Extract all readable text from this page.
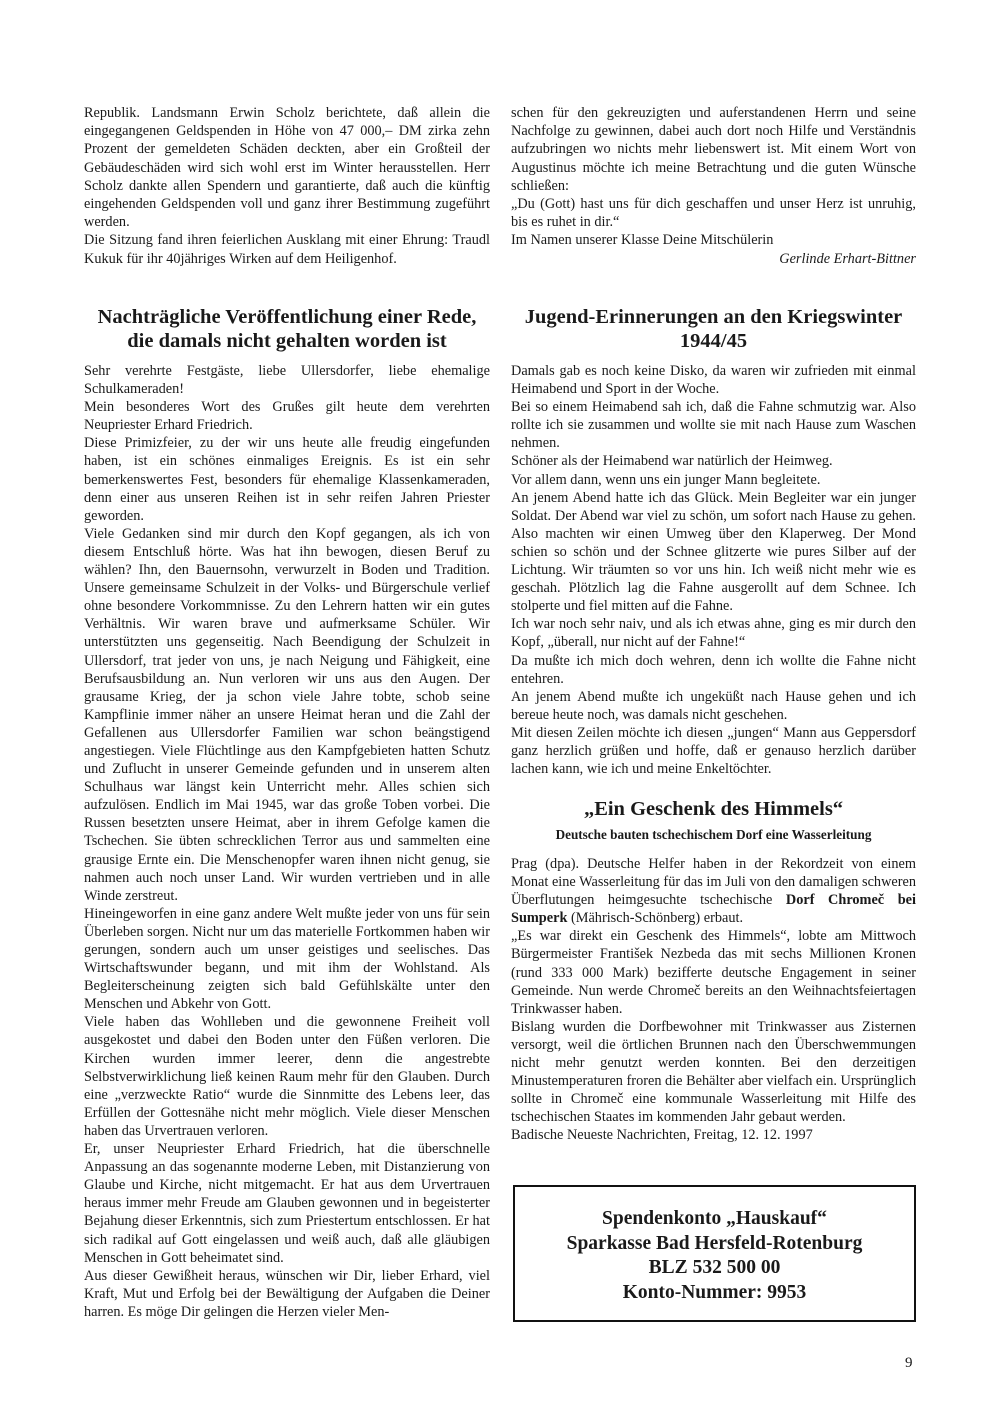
Republik. Landsmann Erwin Scholz berichtete, daß allein die eingegangenen Geldspenden in Höhe von 47 000,– DM zirka zehn Prozent der gemeldeten Schäden deckten, aber ein Großteil der Gebäudeschäden wird sich wohl erst im Winter herausstellen. Herr Scholz dankte allen Spendern und garantierte, daß auch die künftig eingehenden Geldspenden voll und ganz ihrer Bestimmung zugeführt werden.

Die Sitzung fand ihren feierlichen Ausklang mit einer Ehrung: Traudl Kukuk für ihr 40jähriges Wirken auf dem Heiligenhof.

schen für den gekreuzigten und auferstandenen Herrn und seine Nachfolge zu gewinnen, dabei auch dort noch Hilfe und Verständnis aufzubringen wo nichts mehr liebenswert ist. Mit einem Wort von Augustinus möchte ich meine Betrachtung und die guten Wünsche schließen:

„Du (Gott) hast uns für dich geschaffen und unser Herz ist unruhig, bis es ruhet in dir.“

Im Namen unserer Klasse Deine Mitschülerin

Gerlinde Erhart-Bittner

Nachträgliche Veröffentlichung einer Rede, die damals nicht gehalten worden ist

Sehr verehrte Festgäste, liebe Ullersdorfer, liebe ehemalige Schulkameraden!

Mein besonderes Wort des Grußes gilt heute dem verehrten Neupriester Erhard Friedrich.

Diese Primizfeier, zu der wir uns heute alle freudig eingefunden haben, ist ein schönes einmaliges Ereignis. Es ist ein sehr bemerkenswertes Fest, besonders für ehemalige Klassenkameraden, denn einer aus unseren Reihen ist in sehr reifen Jahren Priester geworden.

Viele Gedanken sind mir durch den Kopf gegangen, als ich von diesem Entschluß hörte. Was hat ihn bewogen, diesen Beruf zu wählen? Ihn, den Bauernsohn, verwurzelt in Boden und Tradition. Unsere gemeinsame Schulzeit in der Volks- und Bürgerschule verlief ohne besondere Vorkommnisse. Zu den Lehrern hatten wir ein gutes Verhältnis. Wir waren brave und aufmerksame Schüler. Wir unterstützten uns gegenseitig. Nach Beendigung der Schulzeit in Ullersdorf, trat jeder von uns, je nach Neigung und Fähigkeit, eine Berufsausbildung an. Nun verloren wir uns aus den Augen. Der grausame Krieg, der ja schon viele Jahre tobte, schob seine Kampflinie immer näher an unsere Heimat heran und die Zahl der Gefallenen aus Ullersdorfer Familien war schon beängstigend angestiegen. Viele Flüchtlinge aus den Kampfgebieten hatten Schutz und Zuflucht in unserer Gemeinde gefunden und in unserem alten Schulhaus war längst kein Unterricht mehr. Alles schien sich aufzulösen. Endlich im Mai 1945, war das große Toben vorbei. Die Russen besetzten unsere Heimat, aber in ihrem Gefolge kamen die Tschechen. Sie übten schrecklichen Terror aus und sammelten eine grausige Ernte ein. Die Menschenopfer waren ihnen nicht genug, sie nahmen auch noch unser Land. Wir wurden vertrieben und in alle Winde zerstreut.

Hineingeworfen in eine ganz andere Welt mußte jeder von uns für sein Überleben sorgen. Nicht nur um das materielle Fortkommen haben wir gerungen, sondern auch um unser geistiges und seelisches. Das Wirtschaftswunder begann, und mit ihm der Wohlstand. Als Begleiterscheinung zeigten sich bald Gefühlskälte unter den Menschen und Abkehr von Gott.

Viele haben das Wohlleben und die gewonnene Freiheit voll ausgekostet und dabei den Boden unter den Füßen verloren. Die Kirchen wurden immer leerer, denn die angestrebte Selbstverwirklichung ließ keinen Raum mehr für den Glauben. Durch eine „verzweckte Ratio“ wurde die Sinnmitte des Lebens leer, das Erfüllen der Gottesnähe nicht mehr möglich. Viele dieser Menschen haben das Urvertrauen verloren.

Er, unser Neupriester Erhard Friedrich, hat die überschnelle Anpassung an das sogenannte moderne Leben, mit Distanzierung von Glaube und Kirche, nicht mitgemacht. Er hat aus dem Urvertrauen heraus immer mehr Freude am Glauben gewonnen und in begeisterter Bejahung dieser Erkenntnis, sich zum Priestertum entschlossen. Er hat sich radikal auf Gott eingelassen und weiß auch, daß alle gläubigen Menschen in Gott beheimatet sind.

Aus dieser Gewißheit heraus, wünschen wir Dir, lieber Erhard, viel Kraft, Mut und Erfolg bei der Bewältigung der Aufgaben die Deiner harren. Es möge Dir gelingen die Herzen vieler Men-

Jugend-Erinnerungen an den Kriegswinter 1944/45

Damals gab es noch keine Disko, da waren wir zufrieden mit einmal Heimabend und Sport in der Woche.

Bei so einem Heimabend sah ich, daß die Fahne schmutzig war. Also rollte ich sie zusammen und wollte sie mit nach Hause zum Waschen nehmen.

Schöner als der Heimabend war natürlich der Heimweg.

Vor allem dann, wenn uns ein junger Mann begleitete.

An jenem Abend hatte ich das Glück. Mein Begleiter war ein junger Soldat. Der Abend war viel zu schön, um sofort nach Hause zu gehen. Also machten wir einen Umweg über den Klaperweg. Der Mond schien so schön und der Schnee glitzerte wie pures Silber auf der Lichtung. Wir träumten so vor uns hin. Ich weiß nicht mehr wie es geschah. Plötzlich lag die Fahne ausgerollt auf dem Schnee. Ich stolperte und fiel mitten auf die Fahne.

Ich war noch sehr naiv, und als ich etwas ahne, ging es mir durch den Kopf, „überall, nur nicht auf der Fahne!“

Da mußte ich mich doch wehren, denn ich wollte die Fahne nicht entehren.

An jenem Abend mußte ich ungeküßt nach Hause gehen und ich bereue heute noch, was damals nicht geschehen.

Mit diesen Zeilen möchte ich diesen „jungen“ Mann aus Geppersdorf ganz herzlich grüßen und hoffe, daß er genauso herzlich darüber lachen kann, wie ich und meine Enkeltöchter.

„Ein Geschenk des Himmels“
Deutsche bauten tschechischem Dorf eine Wasserleitung

Prag (dpa). Deutsche Helfer haben in der Rekordzeit von einem Monat eine Wasserleitung für das im Juli von den damaligen schweren Überflutungen heimgesuchte tschechische Dorf Chromeč bei Sumperk (Mährisch-Schönberg) erbaut.

„Es war direkt ein Geschenk des Himmels“, lobte am Mittwoch Bürgermeister František Nezbeda das mit sechs Millionen Kronen (rund 333 000 Mark) bezifferte deutsche Engagement in seiner Gemeinde. Nun werde Chromeč bereits an den Weihnachtsfeiertagen Trinkwasser haben.

Bislang wurden die Dorfbewohner mit Trinkwasser aus Zisternen versorgt, weil die örtlichen Brunnen nach den Überschwemmungen nicht mehr genutzt werden konnten. Bei den derzeitigen Minustemperaturen froren die Behälter aber vielfach ein. Ursprünglich sollte in Chromeč eine kommunale Wasserleitung mit Hilfe des tschechischen Staates im kommenden Jahr gebaut werden.

Badische Neueste Nachrichten, Freitag, 12. 12. 1997

Spendenkonto „Hauskauf“
Sparkasse Bad Hersfeld-Rotenburg
BLZ 532 500 00
Konto-Nummer: 9953
9
